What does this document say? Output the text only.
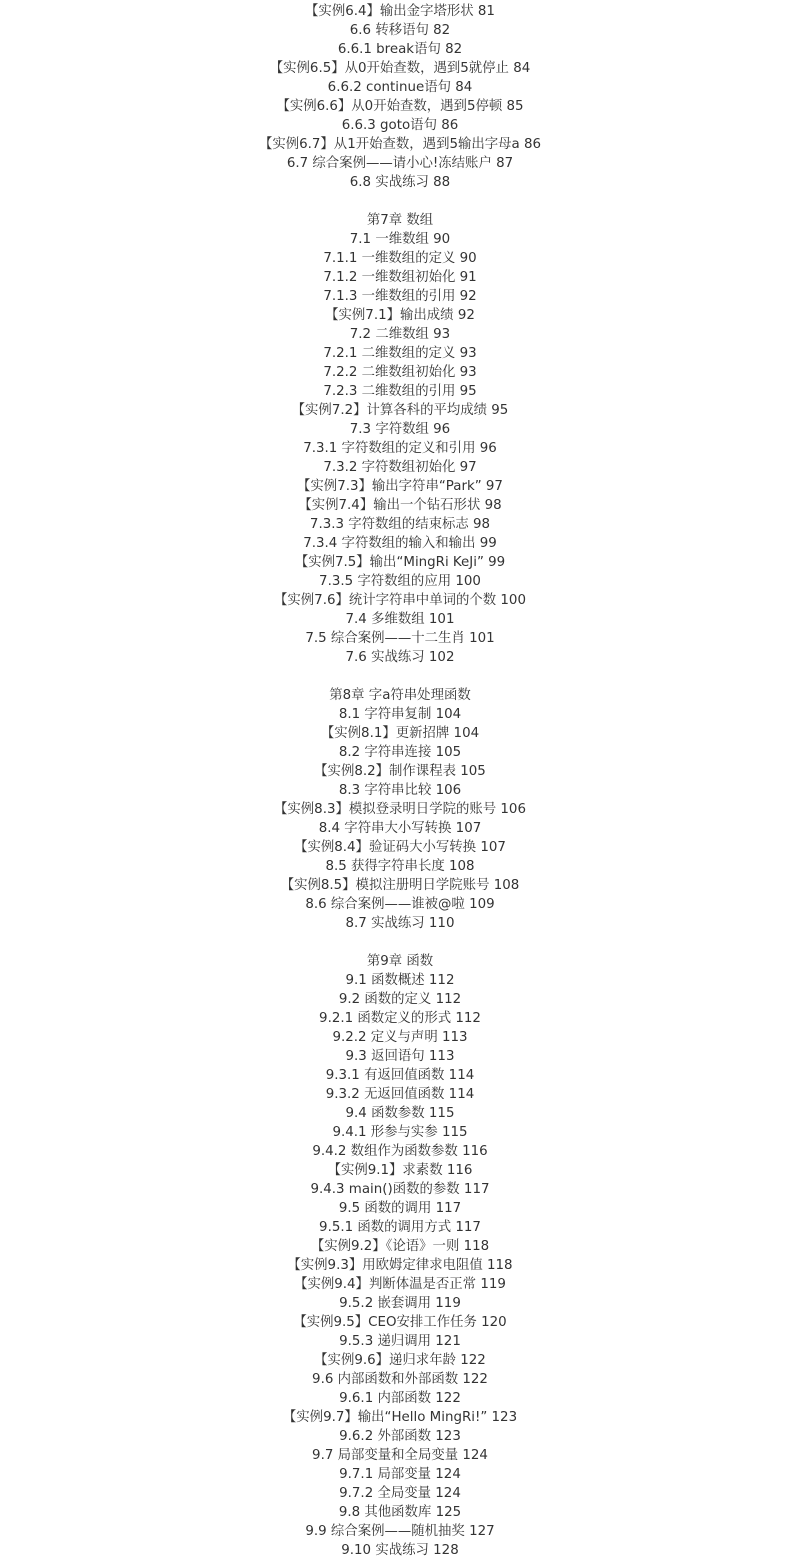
【实例6.4】输出金字塔形状 81
6.6 转移语句 82
6.6.1 break语句 82
【实例6.5】从0开始查数，遇到5就停止 84
6.6.2 continue语句 84
【实例6.6】从0开始查数，遇到5停顿 85
6.6.3 goto语句 86
【实例6.7】从1开始查数，遇到5输出字母a 86
6.7 综合案例——请小心!冻结账户 87
6.8 实战练习 88
第7章 数组
7.1 一维数组 90
7.1.1 一维数组的定义 90
7.1.2 一维数组初始化 91
7.1.3 一维数组的引用 92
【实例7.1】输出成绩 92
7.2 二维数组 93
7.2.1 二维数组的定义 93
7.2.2 二维数组初始化 93
7.2.3 二维数组的引用 95
【实例7.2】计算各科的平均成绩 95
7.3 字符数组 96
7.3.1 字符数组的定义和引用 96
7.3.2 字符数组初始化 97
【实例7.3】输出字符串“Park” 97
【实例7.4】输出一个钻石形状 98
7.3.3 字符数组的结束标志 98
7.3.4 字符数组的输入和输出 99
【实例7.5】输出“MingRi KeJi” 99
7.3.5 字符数组的应用 100
【实例7.6】统计字符串中单词的个数 100
7.4 多维数组 101
7.5 综合案例——十二生肖 101
7.6 实战练习 102
第8章 字a符串处理函数
8.1 字符串复制 104
【实例8.1】更新招牌 104
8.2 字符串连接 105
【实例8.2】制作课程表 105
8.3 字符串比较 106
【实例8.3】模拟登录明日学院的账号 106
8.4 字符串大小写转换 107
【实例8.4】验证码大小写转换 107
8.5 获得字符串长度 108
【实例8.5】模拟注册明日学院账号 108
8.6 综合案例——谁被@啦 109
8.7 实战练习 110
第9章 函数
9.1 函数概述 112
9.2 函数的定义 112
9.2.1 函数定义的形式 112
9.2.2 定义与声明 113
9.3 返回语句 113
9.3.1 有返回值函数 114
9.3.2 无返回值函数 114
9.4 函数参数 115
9.4.1 形参与实参 115
9.4.2 数组作为函数参数 116
【实例9.1】求素数 116
9.4.3 main()函数的参数 117
9.5 函数的调用 117
9.5.1 函数的调用方式 117
【实例9.2】《论语》一则 118
【实例9.3】用欧姆定律求电阻值 118
【实例9.4】判断体温是否正常 119
9.5.2 嵌套调用 119
【实例9.5】CEO安排工作任务 120
9.5.3 递归调用 121
【实例9.6】递归求年龄 122
9.6 内部函数和外部函数 122
9.6.1 内部函数 122
【实例9.7】输出“Hello MingRi!” 123
9.6.2 外部函数 123
9.7 局部变量和全局变量 124
9.7.1 局部变量 124
9.7.2 全局变量 124
9.8 其他函数库 125
9.9 综合案例——随机抽奖 127
9.10 实战练习 128
